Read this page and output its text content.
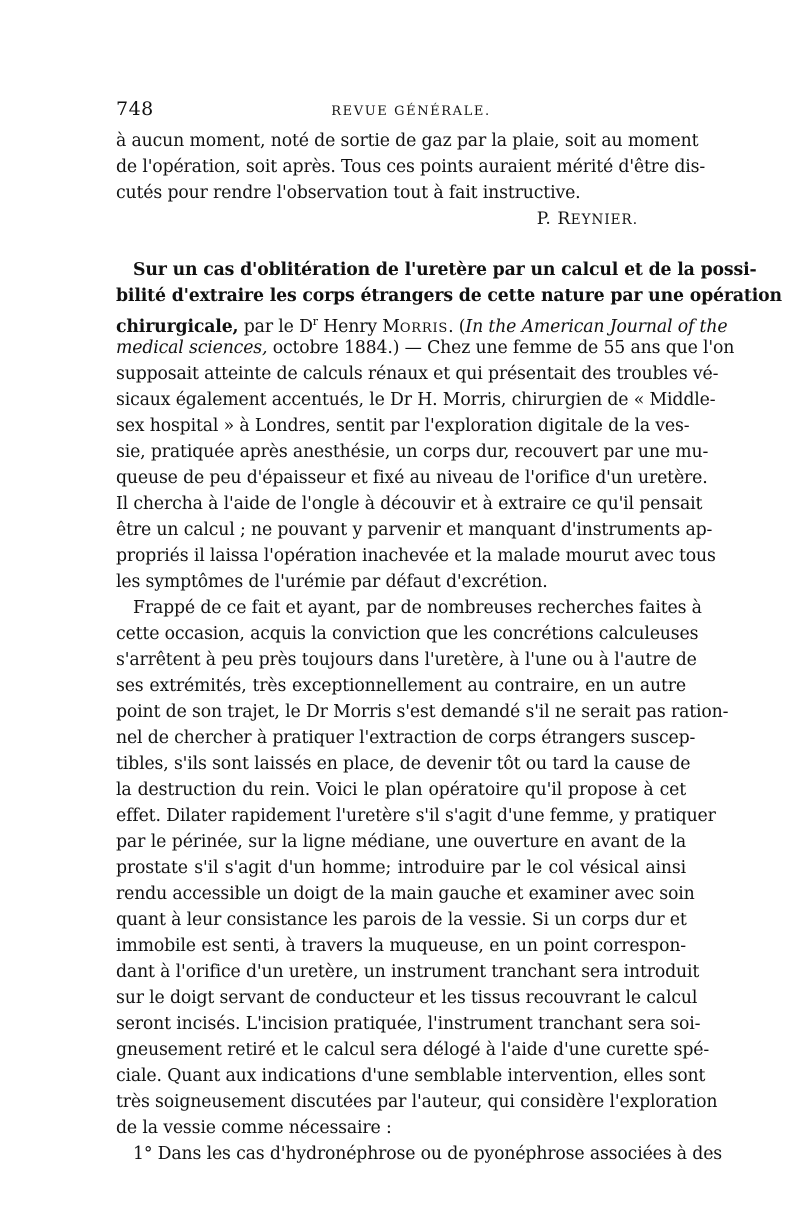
748	REVUE GÉNÉRALE.
à aucun moment, noté de sortie de gaz par la plaie, soit au moment
de l'opération, soit après. Tous ces points auraient mérité d'être dis-
cutés pour rendre l'observation tout à fait instructive.
P. REYNIER.
Sur un cas d'oblitération de l'uretère par un calcul et de la possi-
bilité d'extraire les corps étrangers de cette nature par une opération
chirurgicale, par le $D^r$ Henry MORRIS. (In the American Journal of the
medical sciences, octobre 1884.) — Chez une femme de 55 ans que l'on
supposait atteinte de calculs rénaux et qui présentait des troubles vé-
sicaux également accentués, le Dr H. Morris, chirurgien de « Middle-
sex hospital » à Londres, sentit par l'exploration digitale de la ves-
sie, pratiquée après anesthésie, un corps dur, recouvert par une mu-
queuse de peu d'épaisseur et fixé au niveau de l'orifice d'un uretère.
Il chercha à l'aide de l'ongle à découvir et à extraire ce qu'il pensait
être un calcul ; ne pouvant y parvenir et manquant d'instruments ap-
propriés il laissa l'opération inachevée et la malade mourut avec tous
les symptômes de l'urémie par défaut d'excrétion.
Frappé de ce fait et ayant, par de nombreuses recherches faites à
cette occasion, acquis la conviction que les concrétions calculeuses
s'arrêtent à peu près toujours dans l'uretère, à l'une ou à l'autre de
ses extrémités, très exceptionnellement au contraire, en un autre
point de son trajet, le Dr Morris s'est demandé s'il ne serait pas ration-
nel de chercher à pratiquer l'extraction de corps étrangers suscep-
tibles, s'ils sont laissés en place, de devenir tôt ou tard la cause de
la destruction du rein. Voici le plan opératoire qu'il propose à cet
effet. Dilater rapidement l'uretère s'il s'agit d'une femme, y pratiquer
par le périnée, sur la ligne médiane, une ouverture en avant de la
prostate s'il s'agit d'un homme; introduire par le col vésical ainsi
rendu accessible un doigt de la main gauche et examiner avec soin
quant à leur consistance les parois de la vessie. Si un corps dur et
immobile est senti, à travers la muqueuse, en un point correspon-
dant à l'orifice d'un uretère, un instrument tranchant sera introduit
sur le doigt servant de conducteur et les tissus recouvrant le calcul
seront incisés. L'incision pratiquée, l'instrument tranchant sera soi-
gneusement retiré et le calcul sera délogé à l'aide d'une curette spé-
ciale. Quant aux indications d'une semblable intervention, elles sont
très soigneusement discutées par l'auteur, qui considère l'exploration
de la vessie comme nécessaire :
1° Dans les cas d'hydronéphrose ou de pyonéphrose associées à des
